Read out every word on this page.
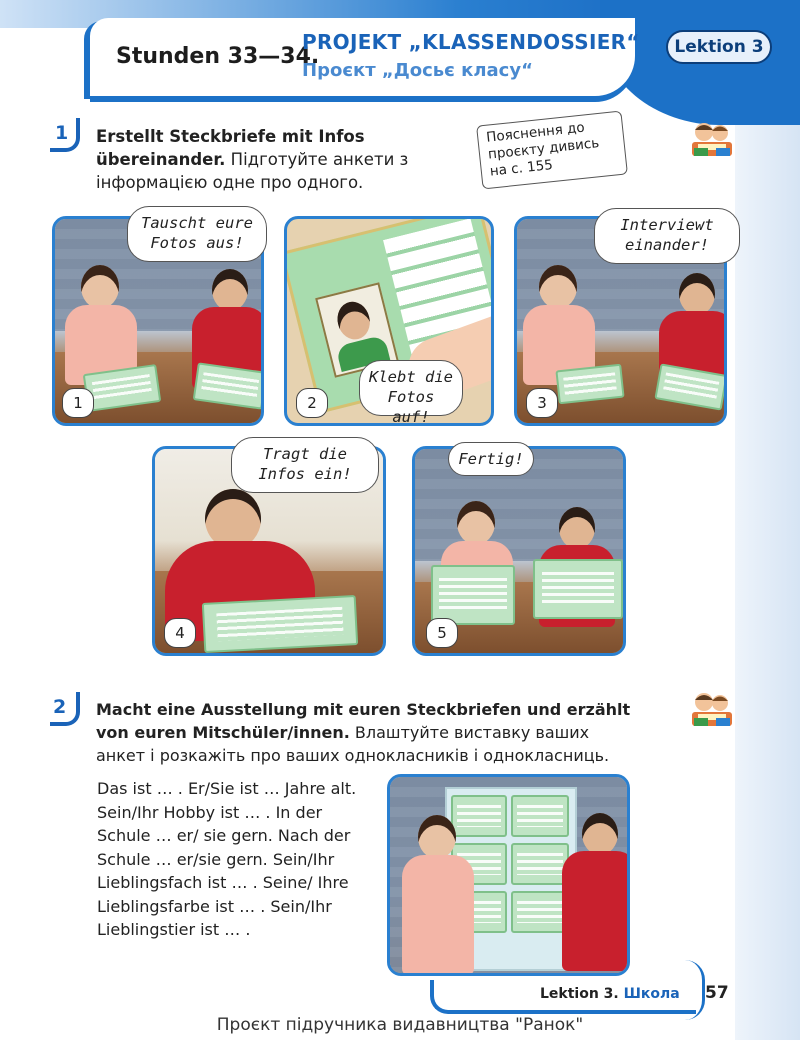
Stunden 33—34.
PROJEKT „KLASSENDOSSIER“
Проєкт „Досьє класу“
Lektion 3
1 Erstellt Steckbriefe mit Infos übereinander. Підготуйте анкети з інформацією одне про одного.
Пояснення до проєкту дивись на с. 155
Tauscht eure Fotos aus!
1
Klebt die Fotos auf!
2
Interviewt einander!
3
Tragt die Infos ein!
4
Fertig!
5
2 Macht eine Ausstellung mit euren Steckbriefen und erzählt von euren Mitschüler/innen. Влаштуйте виставку ваших анкет і розкажіть про ваших однокласників і однокласниць.
Das ist … . Er/Sie ist … Jahre alt. Sein/Ihr Hobby ist … . In der Schule … er/ sie gern. Nach der Schule … er/sie gern. Sein/Ihr Lieblingsfach ist … . Seine/ Ihre Lieblingsfarbe ist … . Sein/Ihr Lieblingstier ist … .
Lektion 3. Школа 57
Проєкт підручника видавництва "Ранок"
